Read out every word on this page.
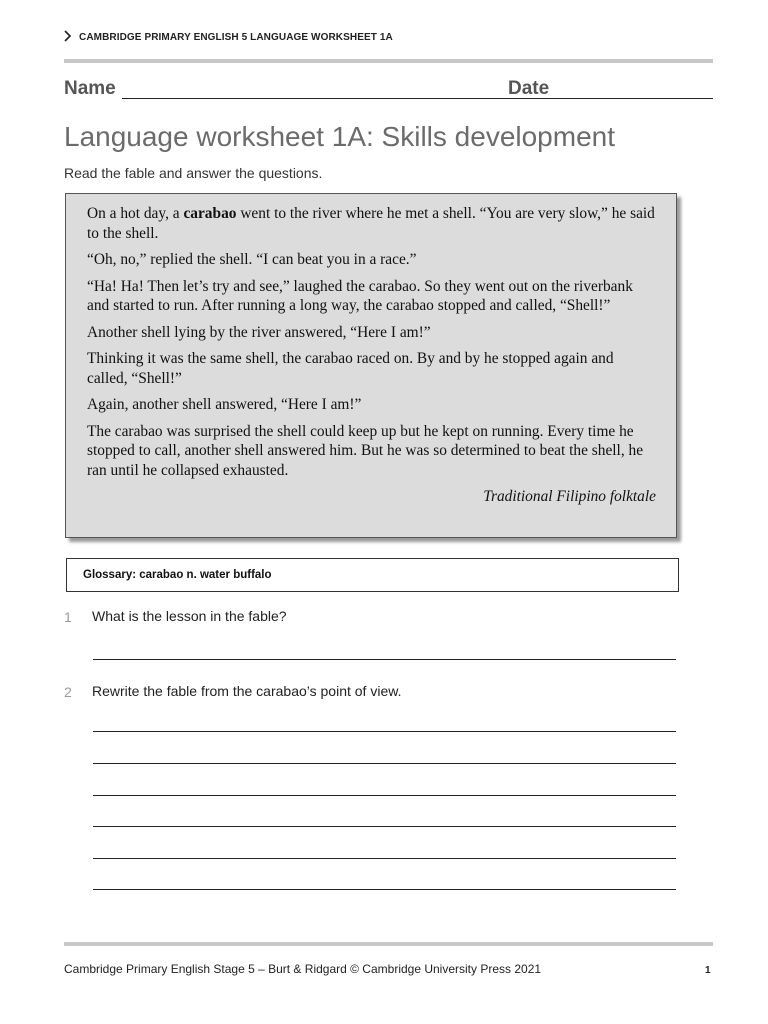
CAMBRIDGE PRIMARY ENGLISH 5 LANGUAGE WORKSHEET 1A
Name	Date
Language worksheet 1A: Skills development
Read the fable and answer the questions.

On a hot day, a carabao went to the river where he met a shell. “You are very slow,” he said to the shell.

“Oh, no,” replied the shell. “I can beat you in a race.”

“Ha! Ha! Then let’s try and see,” laughed the carabao. So they went out on the riverbank and started to run. After running a long way, the carabao stopped and called, “Shell!”

Another shell lying by the river answered, “Here I am!”

Thinking it was the same shell, the carabao raced on. By and by he stopped again and called, “Shell!”

Again, another shell answered, “Here I am!”

The carabao was surprised the shell could keep up but he kept on running. Every time he stopped to call, another shell answered him. But he was so determined to beat the shell, he ran until he collapsed exhausted.

Traditional Filipino folktale
Glossary: carabao n. water buffalo
1 What is the lesson in the fable?
2 Rewrite the fable from the carabao’s point of view.
Cambridge Primary English Stage 5 – Burt & Ridgard © Cambridge University Press 2021	1
